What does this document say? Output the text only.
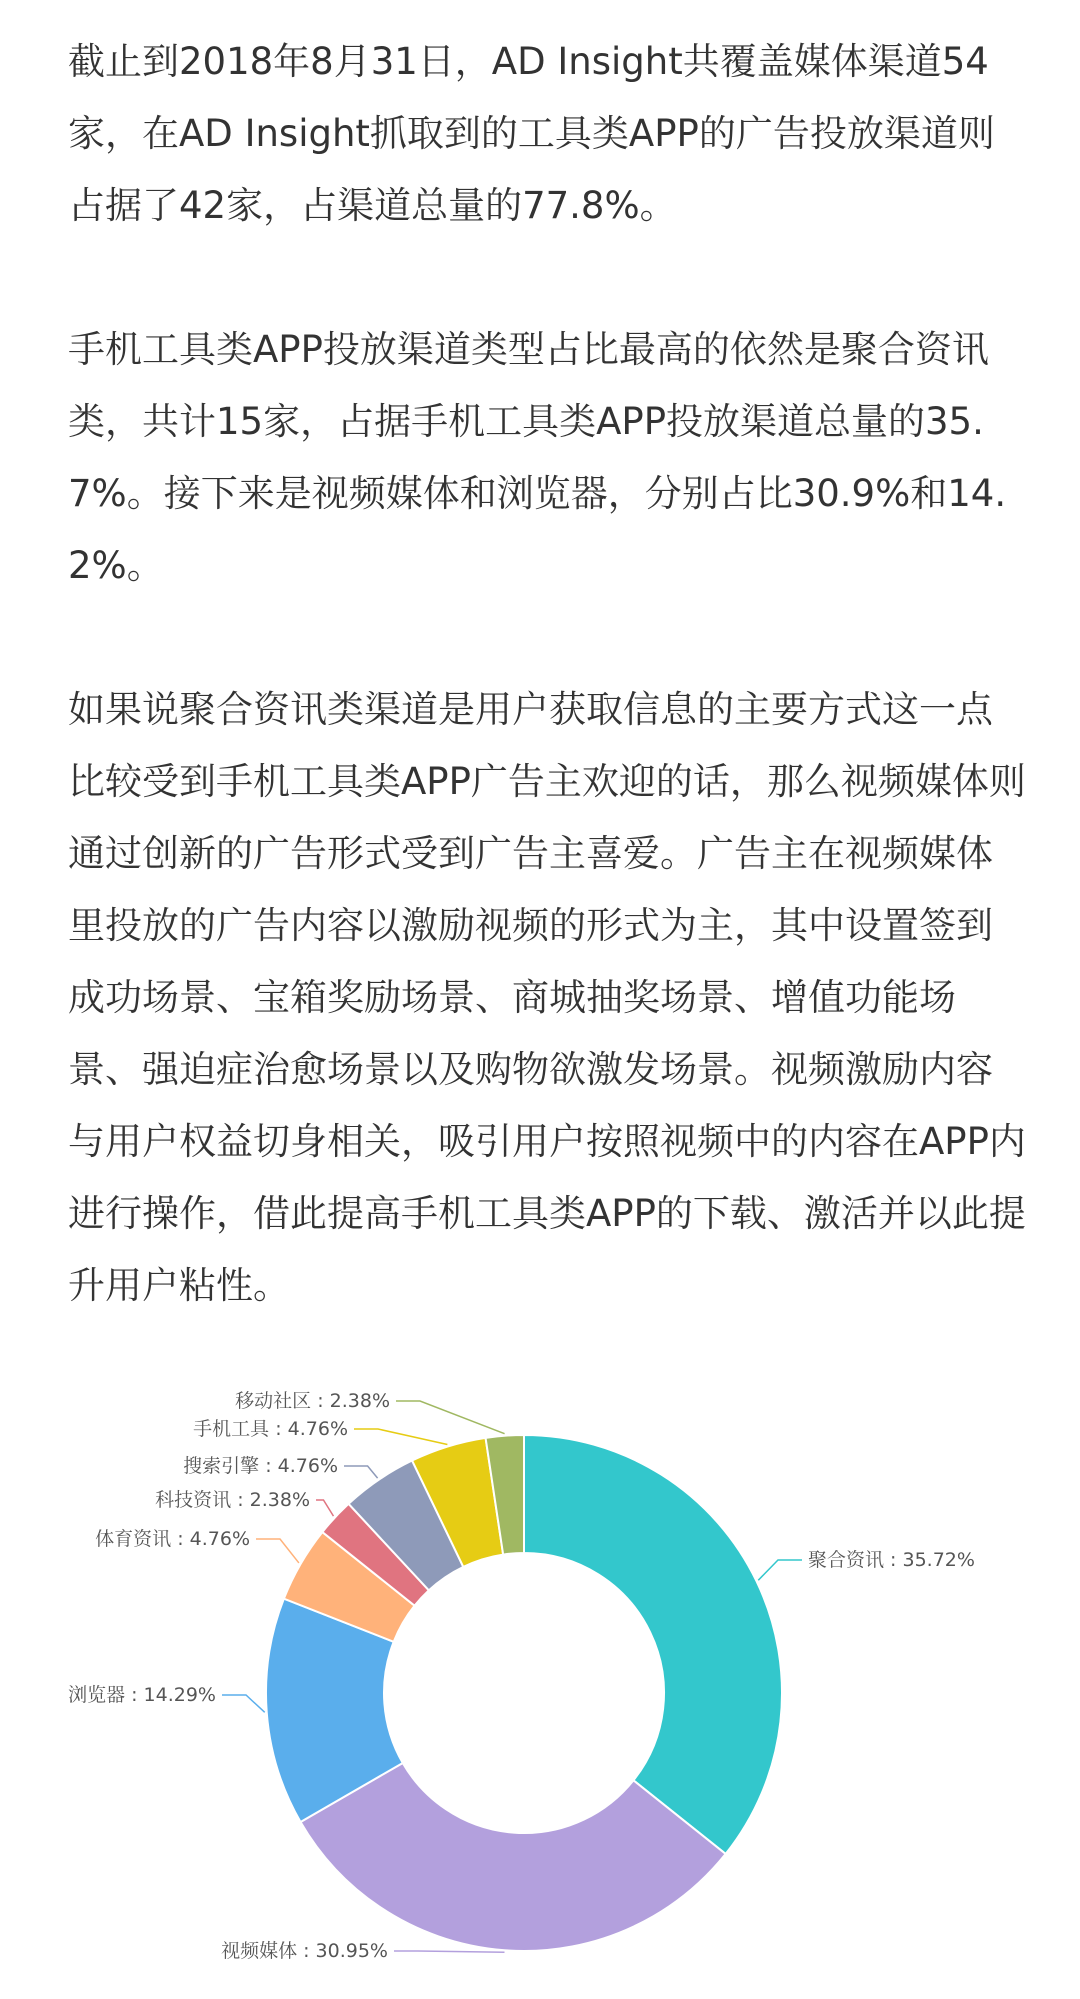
截止到2018年8月31日，AD Insight共覆盖媒体渠道54家，在AD Insight抓取到的工具类APP的广告投放渠道则占据了42家，占渠道总量的77.8%。

手机工具类APP投放渠道类型占比最高的依然是聚合资讯类，共计15家，占据手机工具类APP投放渠道总量的35.7%。接下来是视频媒体和浏览器，分别占比30.9%和14.2%。

如果说聚合资讯类渠道是用户获取信息的主要方式这一点比较受到手机工具类APP广告主欢迎的话，那么视频媒体则通过创新的广告形式受到广告主喜爱。广告主在视频媒体里投放的广告内容以激励视频的形式为主，其中设置签到成功场景、宝箱奖励场景、商城抽奖场景、增值功能场景、强迫症治愈场景以及购物欲激发场景。视频激励内容与用户权益切身相关，吸引用户按照视频中的内容在APP内进行操作，借此提高手机工具类APP的下载、激活并以此提升用户粘性。

聚合资讯 : 35.72%
视频媒体 : 30.95%
浏览器 : 14.29%
体育资讯 : 4.76%
科技资讯 : 2.38%
搜索引擎 : 4.76%
手机工具 : 4.76%
移动社区 : 2.38%
